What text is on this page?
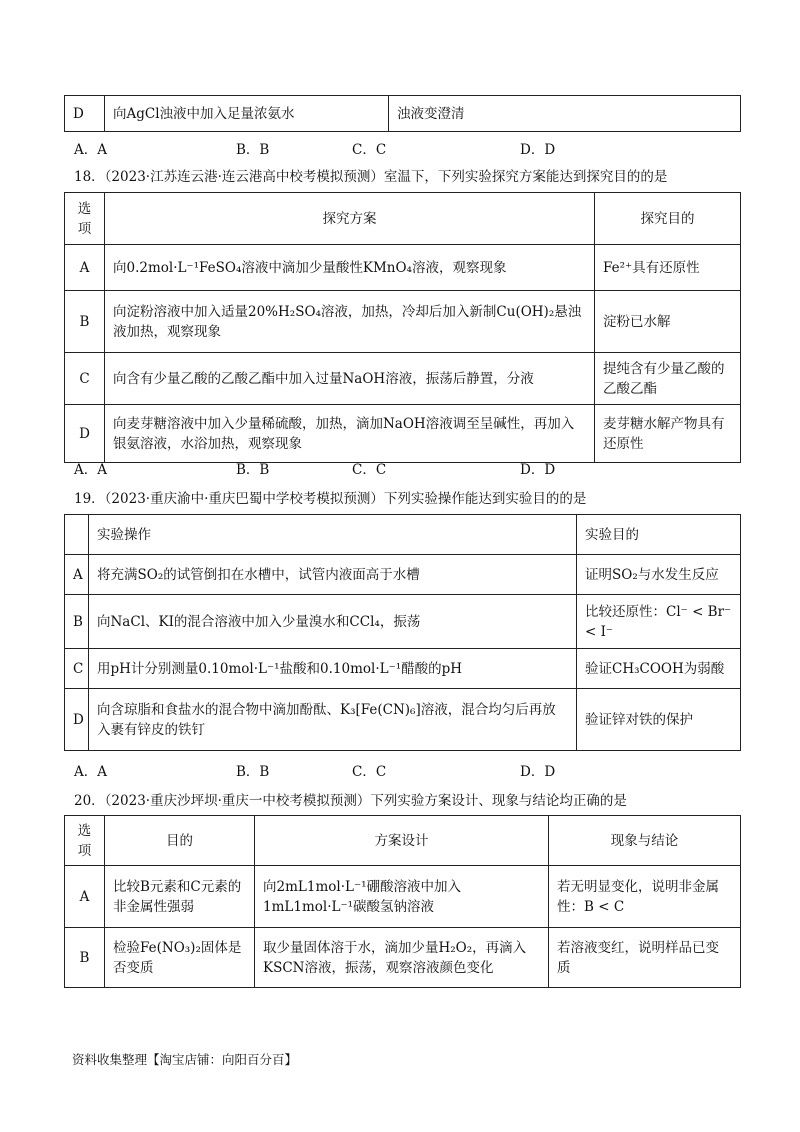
D	向AgCl浊液中加入足量浓氨水	浊液变澄清
A．A	B．B	C．C	D．D
18．（2023·江苏连云港·连云港高中校考模拟预测）室温下，下列实验探究方案能达到探究目的的是
选项	探究方案	探究目的
A	向0.2mol·L⁻¹FeSO₄溶液中滴加少量酸性KMnO₄溶液，观察现象	Fe²⁺具有还原性
B	向淀粉溶液中加入适量20%H₂SO₄溶液，加热，冷却后加入新制Cu(OH)₂悬浊液加热，观察现象	淀粉已水解
C	向含有少量乙酸的乙酸乙酯中加入过量NaOH溶液，振荡后静置，分液	提纯含有少量乙酸的乙酸乙酯
D	向麦芽糖溶液中加入少量稀硫酸，加热，滴加NaOH溶液调至呈碱性，再加入银氨溶液，水浴加热，观察现象	麦芽糖水解产物具有还原性
A．A	B．B	C．C	D．D
19．（2023·重庆渝中·重庆巴蜀中学校考模拟预测）下列实验操作能达到实验目的的是
	实验操作	实验目的
A	将充满SO₂的试管倒扣在水槽中，试管内液面高于水槽	证明SO₂与水发生反应
B	向NaCl、KI的混合溶液中加入少量溴水和CCl₄，振荡	比较还原性：Cl⁻ < Br⁻ < I⁻
C	用pH计分别测量0.10mol·L⁻¹盐酸和0.10mol·L⁻¹醋酸的pH	验证CH₃COOH为弱酸
D	向含琼脂和食盐水的混合物中滴加酚酞、K₃[Fe(CN)₆]溶液，混合均匀后再放入裹有锌皮的铁钉	验证锌对铁的保护
A．A	B．B	C．C	D．D
20．（2023·重庆沙坪坝·重庆一中校考模拟预测）下列实验方案设计、现象与结论均正确的是
选项	目的	方案设计	现象与结论
A	比较B元素和C元素的非金属性强弱	向2mL1mol·L⁻¹硼酸溶液中加入1mL1mol·L⁻¹碳酸氢钠溶液	若无明显变化，说明非金属性：B < C
B	检验Fe(NO₃)₂固体是否变质	取少量固体溶于水，滴加少量H₂O₂，再滴入KSCN溶液，振荡，观察溶液颜色变化	若溶液变红，说明样品已变质
资料收集整理【淘宝店铺：向阳百分百】
